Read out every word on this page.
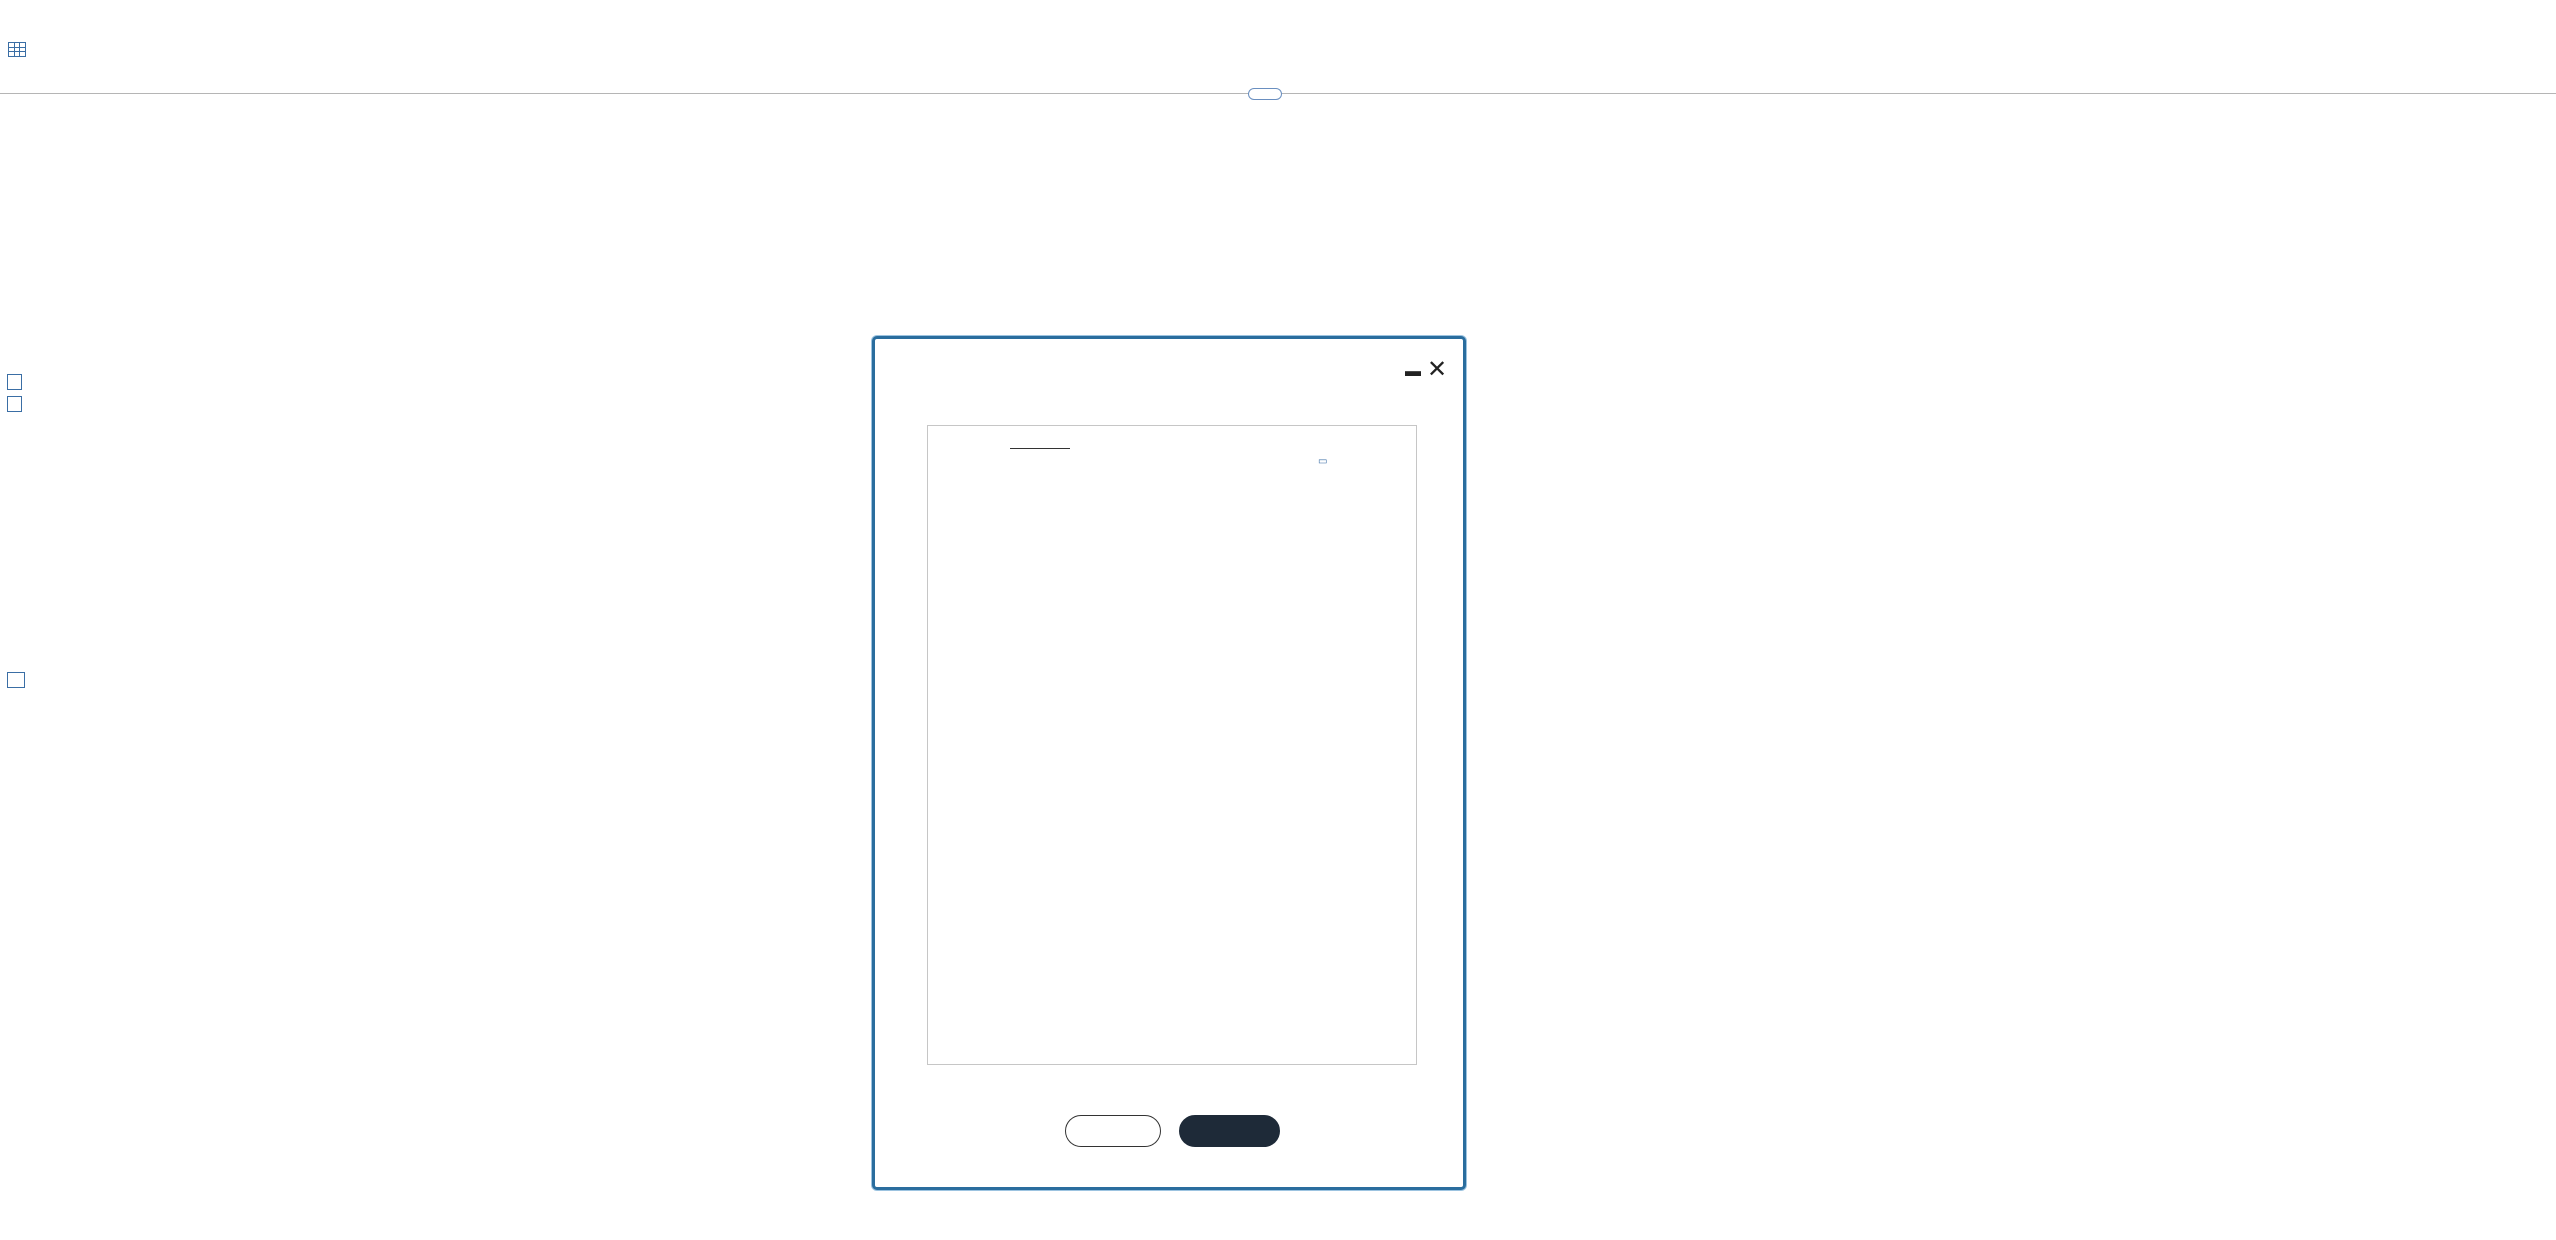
▬ ✕

▭
